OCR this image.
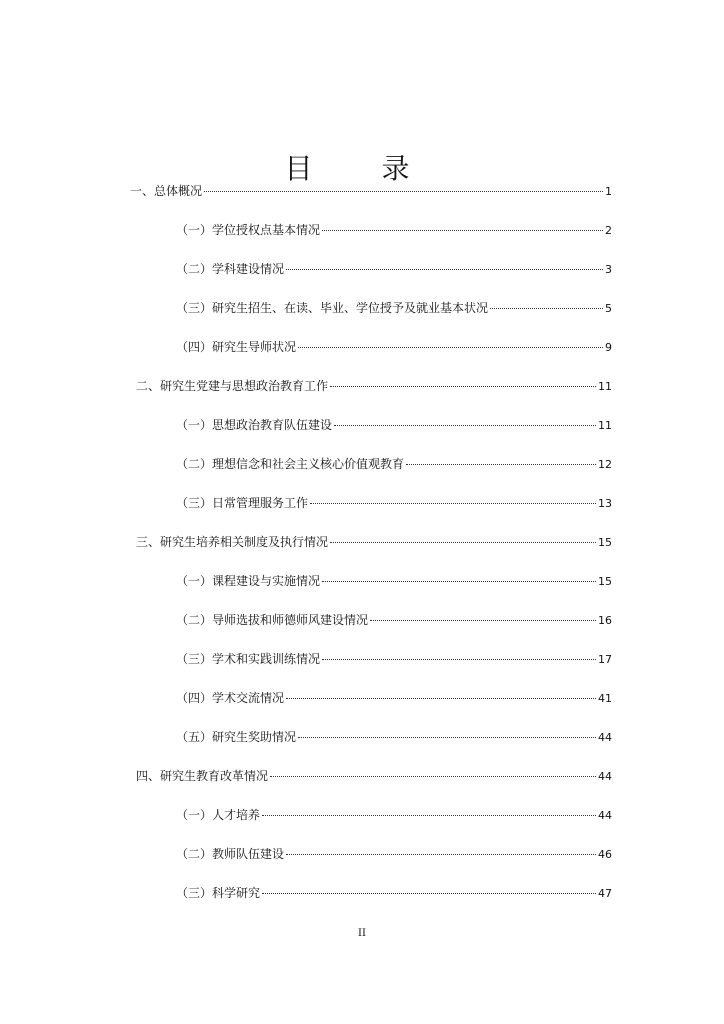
目 录
一、总体概况	1
（一）学位授权点基本情况	2
（二）学科建设情况	3
（三）研究生招生、在读、毕业、学位授予及就业基本状况	5
（四）研究生导师状况	9
二、研究生党建与思想政治教育工作	11
（一）思想政治教育队伍建设	11
（二）理想信念和社会主义核心价值观教育	12
（三）日常管理服务工作	13
三、研究生培养相关制度及执行情况	15
（一）课程建设与实施情况	15
（二）导师选拔和师德师风建设情况	16
（三）学术和实践训练情况	17
（四）学术交流情况	41
（五）研究生奖助情况	44
四、研究生教育改革情况	44
（一）人才培养	44
（二）教师队伍建设	46
（三）科学研究	47
II
